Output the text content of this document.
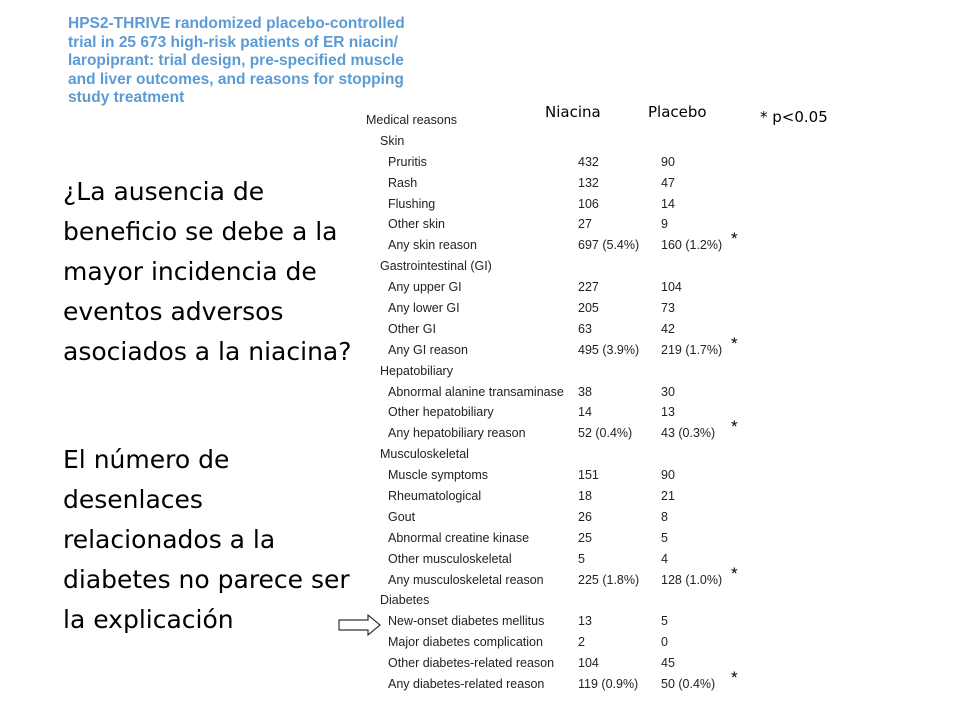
HPS2-THRIVE randomized placebo-controlled
trial in 25 673 high-risk patients of ER niacin/
laropiprant: trial design, pre-specified muscle
and liver outcomes, and reasons for stopping
study treatment
¿La ausencia de beneficio se debe a la mayor incidencia de eventos adversos asociados a la niacina?
El número de desenlaces relacionados a la diabetes no parece ser la explicación
Niacina	Placebo	* p<0.05
Medical reasons
Skin
Pruritis	432	90
Rash	132	47
Flushing	106	14
Other skin	27	9
Any skin reason	697 (5.4%) 160 (1.2%) *
Gastrointestinal (GI)
Any upper GI	227	104
Any lower GI	205	73
Other GI	63	42
Any GI reason	495 (3.9%) 219 (1.7%) *
Hepatobiliary
Abnormal alanine transaminase	38	30
Other hepatobiliary	14	13
Any hepatobiliary reason	52 (0.4%) 43 (0.3%) *
Musculoskeletal
Muscle symptoms	151	90
Rheumatological	18	21
Gout	26	8
Abnormal creatine kinase	25	5
Other musculoskeletal	5	4
Any musculoskeletal reason	225 (1.8%) 128 (1.0%) *
Diabetes
New-onset diabetes mellitus	13	5
Major diabetes complication	2	0
Other diabetes-related reason	104	45
Any diabetes-related reason	119 (0.9%) 50 (0.4%) *
